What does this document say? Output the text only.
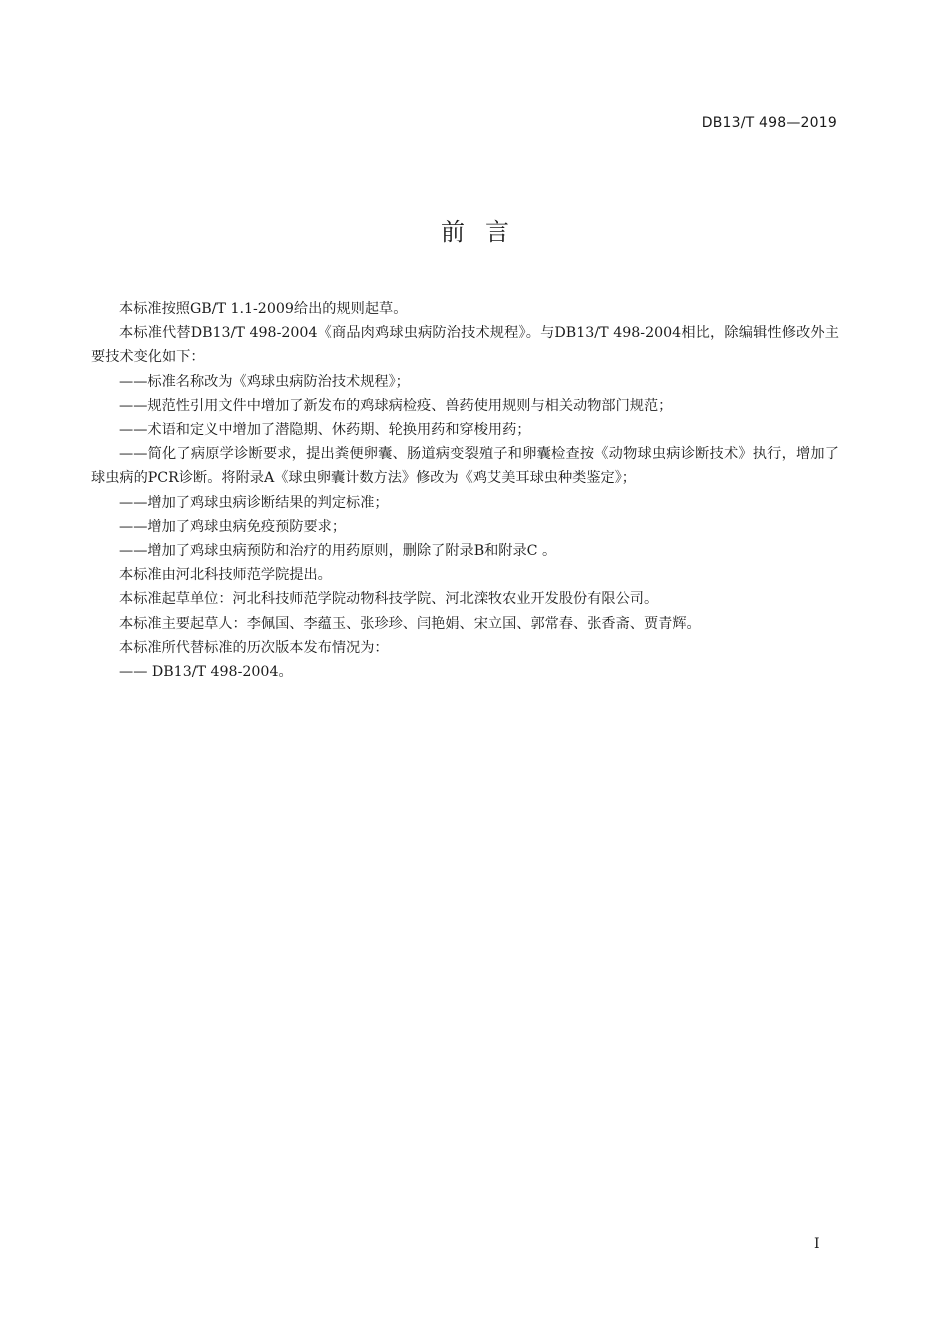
DB13/T 498—2019
前言

本标准按照GB/T 1.1-2009给出的规则起草。

本标准代替DB13/T 498-2004《商品肉鸡球虫病防治技术规程》。与DB13/T 498-2004相比，除编辑性修改外主要技术变化如下：

——标准名称改为《鸡球虫病防治技术规程》；

——规范性引用文件中增加了新发布的鸡球病检疫、兽药使用规则与相关动物部门规范；

——术语和定义中增加了潜隐期、休药期、轮换用药和穿梭用药；

——简化了病原学诊断要求，提出粪便卵囊、肠道病变裂殖子和卵囊检查按《动物球虫病诊断技术》执行，增加了球虫病的PCR诊断。将附录A《球虫卵囊计数方法》修改为《鸡艾美耳球虫种类鉴定》；

——增加了鸡球虫病诊断结果的判定标准；

——增加了鸡球虫病免疫预防要求；

——增加了鸡球虫病预防和治疗的用药原则，删除了附录B和附录C 。

本标准由河北科技师范学院提出。

本标准起草单位：河北科技师范学院动物科技学院、河北滦牧农业开发股份有限公司。

本标准主要起草人：李佩国、李蕴玉、张珍珍、闫艳娟、宋立国、郭常春、张香斋、贾青辉。

本标准所代替标准的历次版本发布情况为：

—— DB13/T 498-2004。

I
